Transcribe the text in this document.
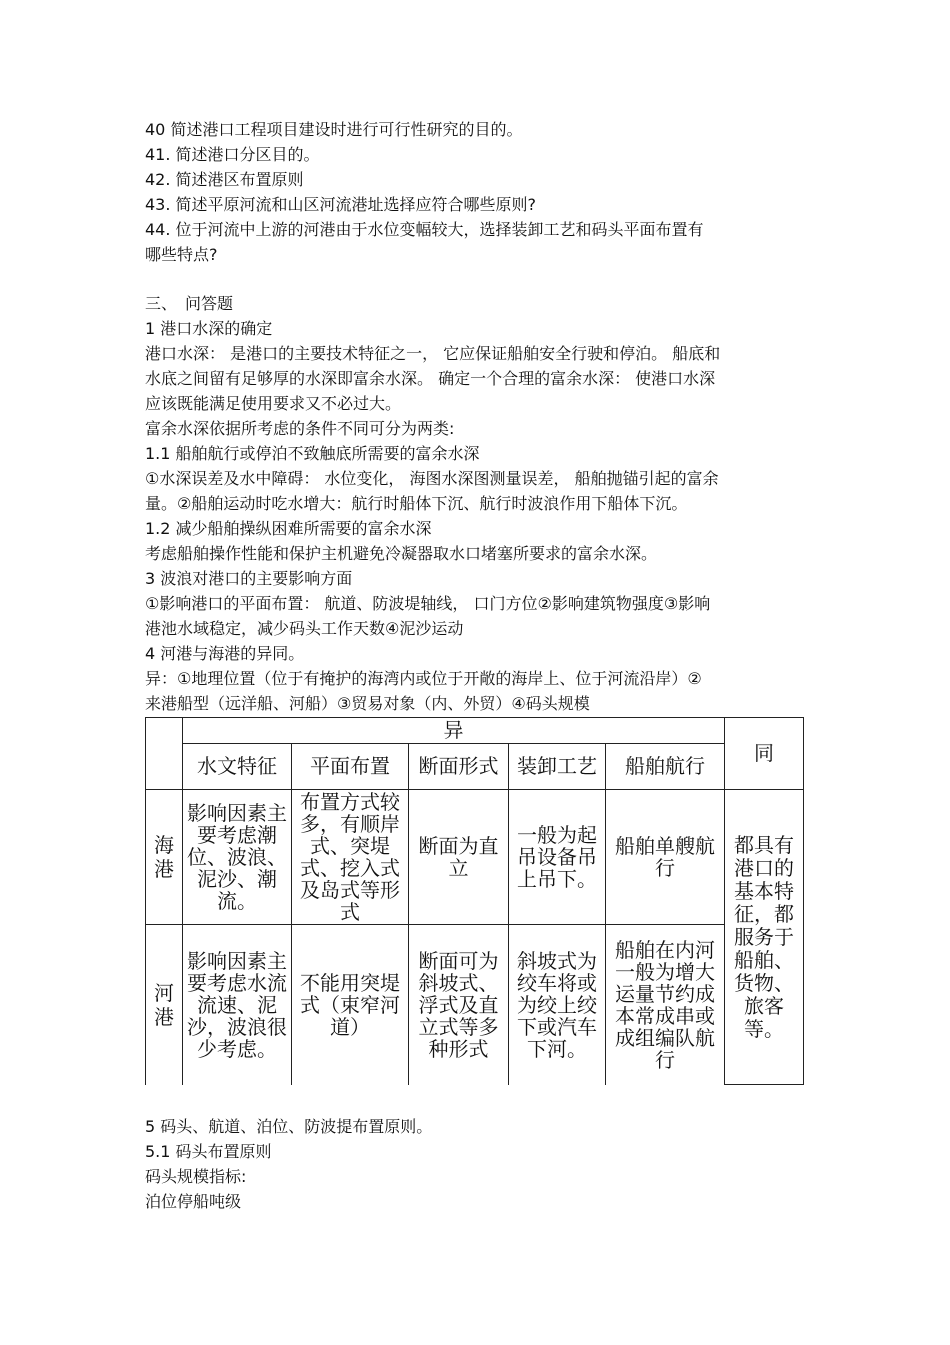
40 简述港口工程项目建设时进行可行性研究的目的。
41. 简述港口分区目的。
42. 简述港区布置原则
43. 简述平原河流和山区河流港址选择应符合哪些原则?
44. 位于河流中上游的河港由于水位变幅较大，选择装卸工艺和码头平面布置有
哪些特点?
三、　问答题
1 港口水深的确定
港口水深： 是港口的主要技术特征之一， 它应保证船舶安全行驶和停泊。 船底和
水底之间留有足够厚的水深即富余水深。 确定一个合理的富余水深： 使港口水深
应该既能满足使用要求又不必过大。
富余水深依据所考虑的条件不同可分为两类:
1.1 船舶航行或停泊不致触底所需要的富余水深
①水深误差及水中障碍： 水位变化， 海图水深图测量误差， 船舶抛锚引起的富余
量。②船舶运动时吃水增大：航行时船体下沉、航行时波浪作用下船体下沉。
1.2 减少船舶操纵困难所需要的富余水深
考虑船舶操作性能和保护主机避免冷凝器取水口堵塞所要求的富余水深。
3 波浪对港口的主要影响方面
①影响港口的平面布置： 航道、防波堤轴线， 口门方位②影响建筑物强度③影响
港池水域稳定，减少码头工作天数④泥沙运动
4 河港与海港的异同。
异：①地理位置（位于有掩护的海湾内或位于开敞的海岸上、位于河流沿岸）②
来港船型（远洋船、河船）③贸易对象（内、外贸）④码头规模
	异					同
	水文特征	平面布置	断面形式	装卸工艺	船舶航行	
海港	影响因素主要考虑潮位、波浪、泥沙、潮流。	布置方式较多，有顺岸式、突堤式、挖入式及岛式等形式	断面为直立	一般为起吊设备吊上吊下。	船舶单艘航行	都具有港口的基本特征，都服务于船舶、货物、旅客等。
河港	影响因素主要考虑水流流速、泥沙，波浪很少考虑。	不能用突堤式（束窄河道）	断面可为斜坡式、浮式及直立式等多种形式	斜坡式为绞车将或为绞上绞下或汽车下河。	船舶在内河一般为增大运量节约成本常成串或成组编队航行	
5 码头、航道、泊位、防波提布置原则。
5.1 码头布置原则
码头规模指标:
泊位停船吨级
